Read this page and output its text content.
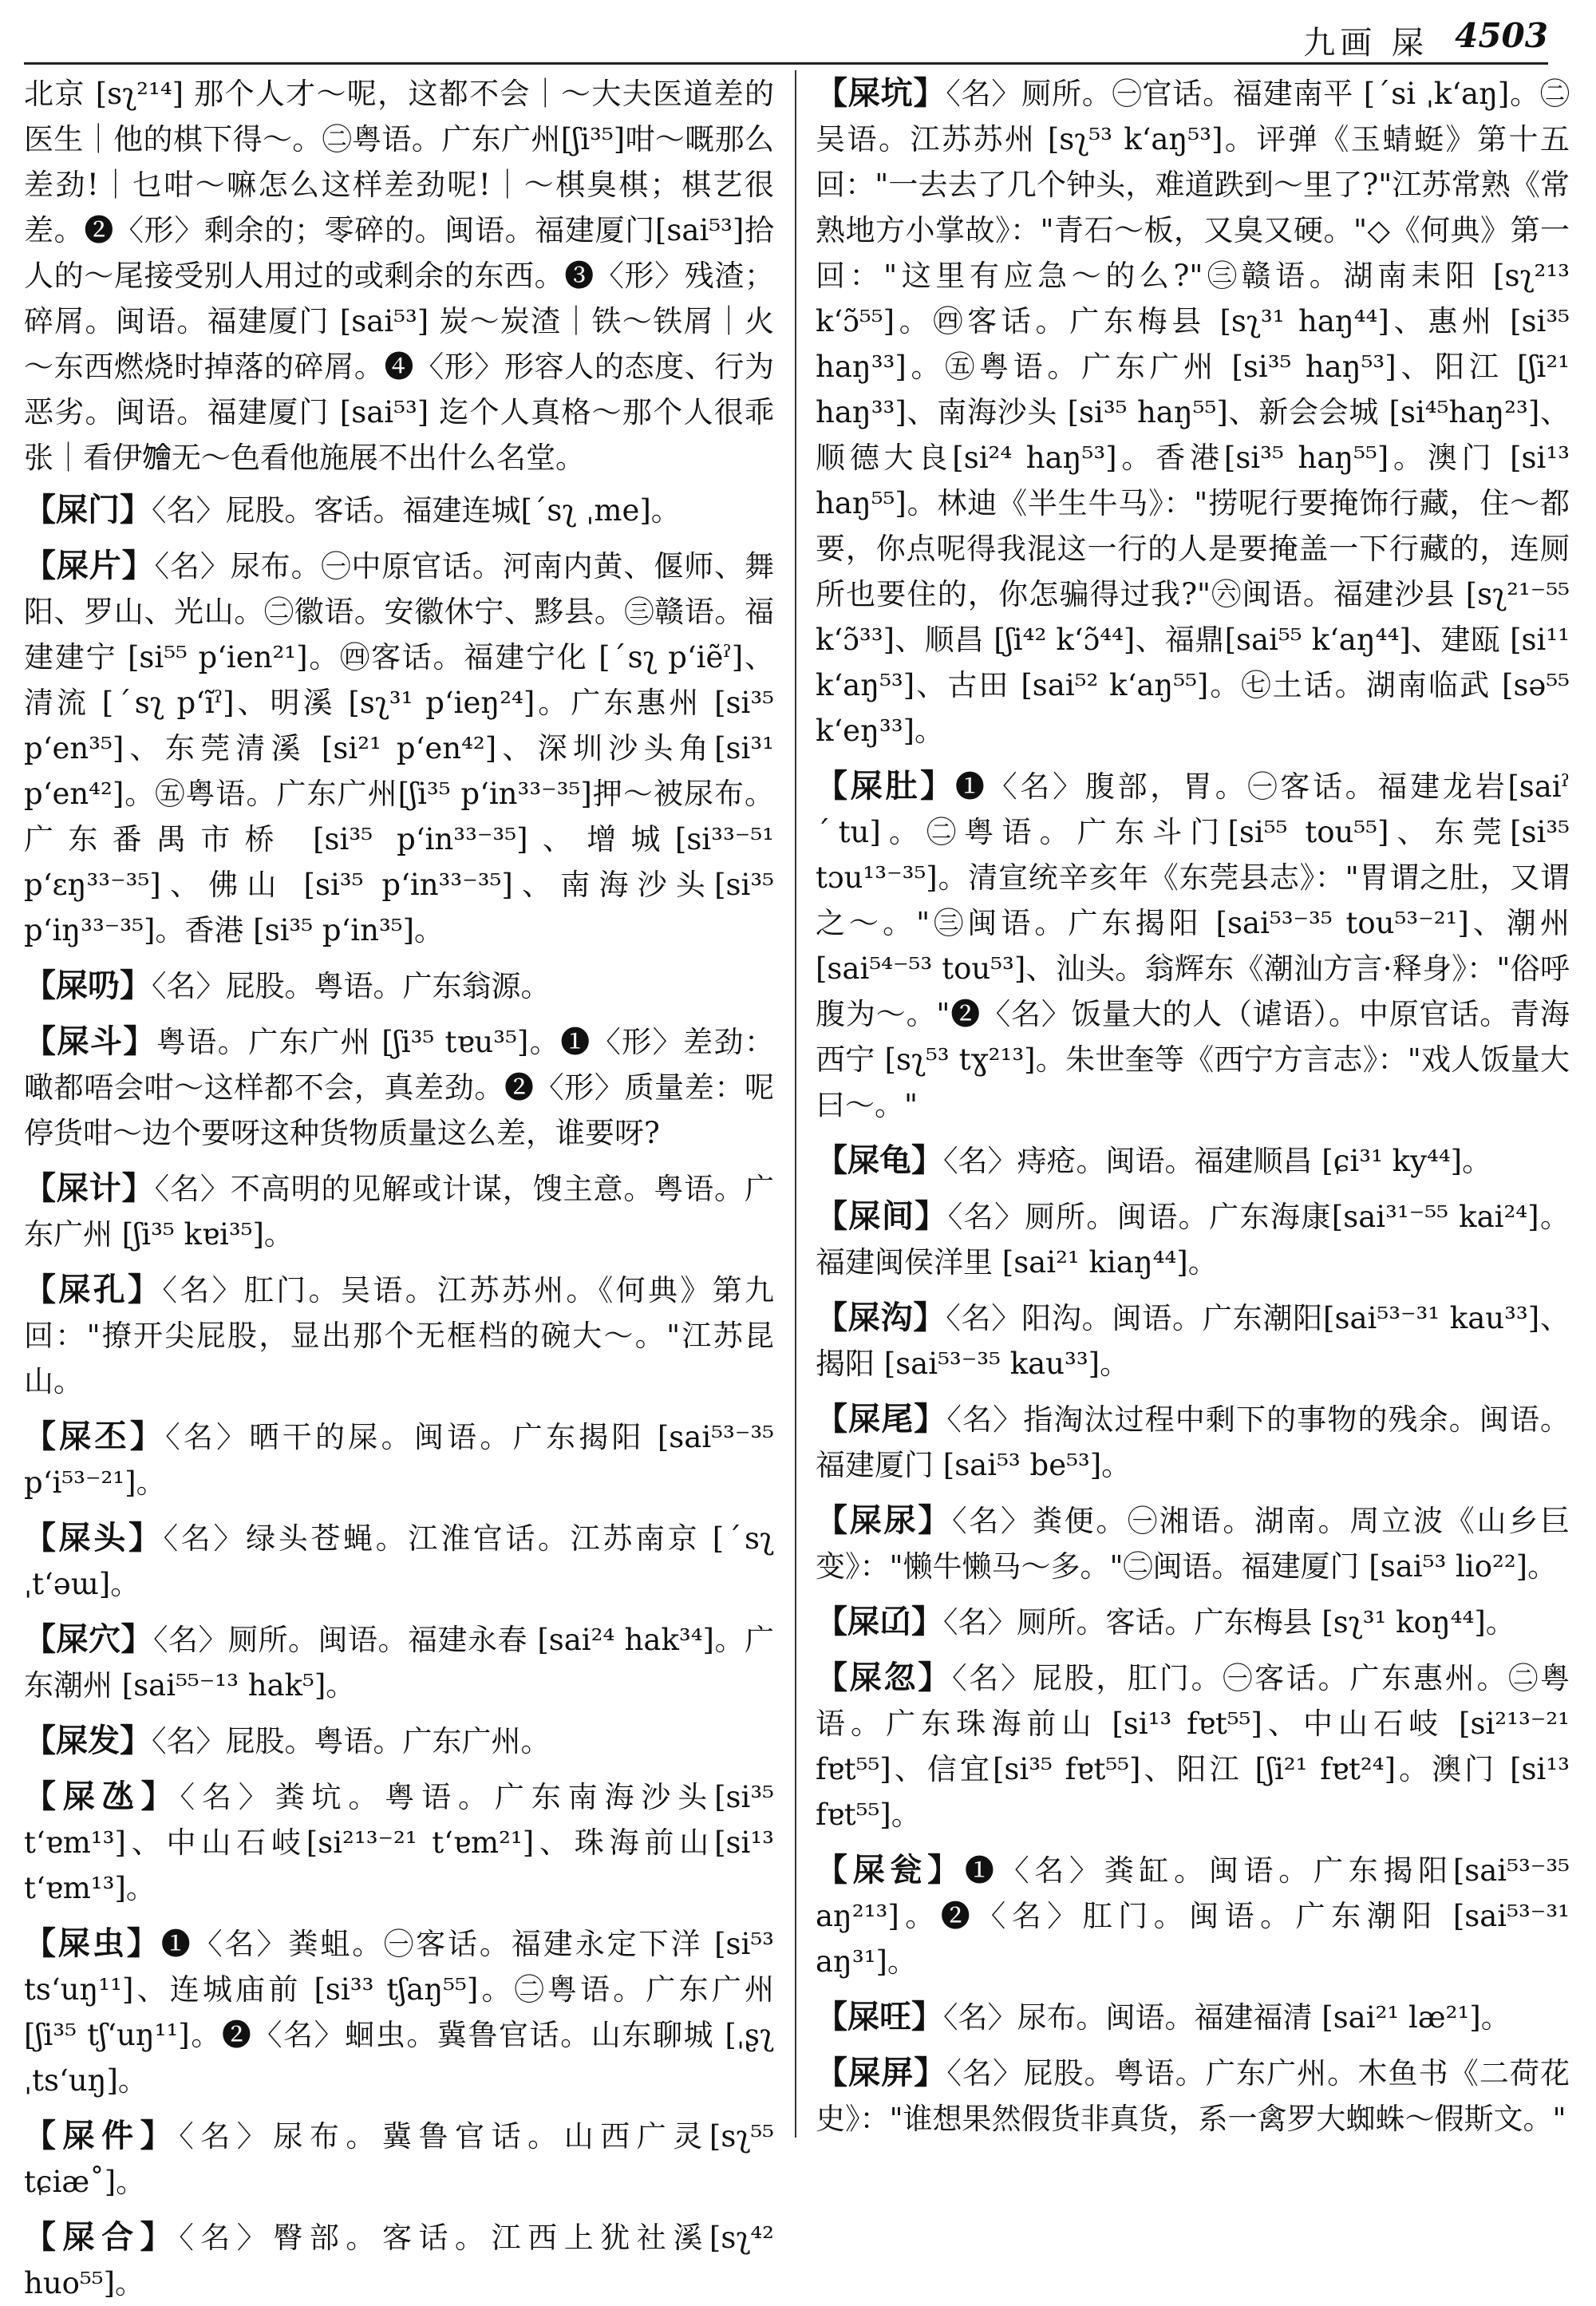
九画 屎 4503
北京 [sʅ²¹⁴] 那个人才～呢，这都不会｜～大夫医道差的医生｜他的棋下得～。㊁粤语。广东广州[ʃi³⁵]咁～嘅那么差劲!｜乜咁～嘛怎么这样差劲呢!｜～棋臭棋；棋艺很差。❷〈形〉剩余的；零碎的。闽语。福建厦门[sai⁵³]拾人的～尾接受别人用过的或剩余的东西。❸〈形〉残渣；碎屑。闽语。福建厦门 [sai⁵³] 炭～炭渣｜铁～铁屑｜火～东西燃烧时掉落的碎屑。❹〈形〉形容人的态度、行为恶劣。闽语。福建厦门 [sai⁵³] 迄个人真格～那个人很乖张｜看伊𣍐无～色看他施展不出什么名堂。
【屎门】〈名〉屁股。客话。福建连城[ˊsʅ ˌme]。
【屎片】〈名〉尿布。㊀中原官话。河南内黄、偃师、舞阳、罗山、光山。㊁徽语。安徽休宁、黟县。㊂赣语。福建建宁 [si⁵⁵ pʻien²¹]。㊃客话。福建宁化 [ˊsʅ pʻiẽˀ]、清流 [ˊsʅ pʻĩˀ]、明溪 [sʅ³¹ pʻieŋ²⁴]。广东惠州 [si³⁵ pʻen³⁵]、东莞清溪 [si²¹ pʻen⁴²]、深圳沙头角[si³¹ pʻen⁴²]。㊄粤语。广东广州[ʃi³⁵ pʻin³³⁻³⁵]押～被尿布。广东番禺市桥 [si³⁵ pʻin³³⁻³⁵]、增城[si³³⁻⁵¹ pʻɛŋ³³⁻³⁵]、佛山 [si³⁵ pʻin³³⁻³⁵]、南海沙头[si³⁵ pʻiŋ³³⁻³⁵]。香港 [si³⁵ pʻin³⁵]。
【屎𠮨】〈名〉屁股。粤语。广东翁源。
【屎斗】粤语。广东广州 [ʃi³⁵ tɐu³⁵]。❶〈形〉差劲：噉都唔会咁～这样都不会，真差劲。❷〈形〉质量差：呢停货咁～边个要呀这种货物质量这么差，谁要呀?
【屎计】〈名〉不高明的见解或计谋，馊主意。粤语。广东广州 [ʃi³⁵ kɐi³⁵]。
【屎孔】〈名〉肛门。吴语。江苏苏州。《何典》第九回："撩开尖屁股，显出那个无框档的碗大～。"江苏昆山。
【屎丕】〈名〉晒干的屎。闽语。广东揭阳 [sai⁵³⁻³⁵ pʻi⁵³⁻²¹]。
【屎头】〈名〉绿头苍蝇。江淮官话。江苏南京 [ˊsʅ ˌtʻəɯ]。
【屎穴】〈名〉厕所。闽语。福建永春 [sai²⁴ hak³⁴]。广东潮州 [sai⁵⁵⁻¹³ hak⁵]。
【屎发】〈名〉屁股。粤语。广东广州。
【屎氹】〈名〉粪坑。粤语。广东南海沙头[si³⁵ tʻɐm¹³]、中山石岐[si²¹³⁻²¹ tʻɐm²¹]、珠海前山[si¹³ tʻɐm¹³]。
【屎虫】❶〈名〉粪蛆。㊀客话。福建永定下洋 [si⁵³ tsʻuŋ¹¹]、连城庙前 [si³³ tʃaŋ⁵⁵]。㊁粤语。广东广州 [ʃi³⁵ tʃʻuŋ¹¹]。❷〈名〉蛔虫。冀鲁官话。山东聊城 [ˌʂʅ ˌtsʻuŋ]。
【屎件】〈名〉尿布。冀鲁官话。山西广灵[sʅ⁵⁵ tɕiæ˚]。
【屎合】〈名〉臀部。客话。江西上犹社溪[sʅ⁴² huo⁵⁵]。
【屎坑】〈名〉厕所。㊀官话。福建南平 [ˊsi ˌkʻaŋ]。㊁吴语。江苏苏州 [sʅ⁵³ kʻaŋ⁵³]。评弹《玉蜻蜓》第十五回："一去去了几个钟头，难道跌到～里了?"江苏常熟《常熟地方小掌故》："青石～板，又臭又硬。"◇《何典》第一回："这里有应急～的么?"㊂赣语。湖南耒阳 [sʅ²¹³ kʻɔ̃⁵⁵]。㊃客话。广东梅县 [sʅ³¹ haŋ⁴⁴]、惠州 [si³⁵ haŋ³³]。㊄粤语。广东广州 [si³⁵ haŋ⁵³]、阳江 [ʃi²¹ haŋ³³]、南海沙头 [si³⁵ haŋ⁵⁵]、新会会城 [si⁴⁵haŋ²³]、顺德大良[si²⁴ haŋ⁵³]。香港[si³⁵ haŋ⁵⁵]。澳门 [si¹³ haŋ⁵⁵]。林迪《半生牛马》："捞呢行要掩饰行藏，住～都要，你点呢得我混这一行的人是要掩盖一下行藏的，连厕所也要住的，你怎骗得过我?"㊅闽语。福建沙县 [sʅ²¹⁻⁵⁵ kʻɔ̃³³]、顺昌 [ʃi⁴² kʻɔ̃⁴⁴]、福鼎[sai⁵⁵ kʻaŋ⁴⁴]、建瓯 [si¹¹ kʻaŋ⁵³]、古田 [sai⁵² kʻaŋ⁵⁵]。㊆土话。湖南临武 [sə⁵⁵ kʻeŋ³³]。
【屎肚】❶〈名〉腹部，胃。㊀客话。福建龙岩[saiˀ ˊtu]。㊁粤语。广东斗门[si⁵⁵ tou⁵⁵]、东莞[si³⁵ tɔu¹³⁻³⁵]。清宣统辛亥年《东莞县志》："胃谓之肚，又谓之～。"㊂闽语。广东揭阳 [sai⁵³⁻³⁵ tou⁵³⁻²¹]、潮州 [sai⁵⁴⁻⁵³ tou⁵³]、汕头。翁辉东《潮汕方言·释身》："俗呼腹为～。"❷〈名〉饭量大的人（谑语）。中原官话。青海西宁 [sʅ⁵³ tɣ²¹³]。朱世奎等《西宁方言志》："戏人饭量大曰～。"
【屎龟】〈名〉痔疮。闽语。福建顺昌 [ɕi³¹ ky⁴⁴]。
【屎间】〈名〉厕所。闽语。广东海康[sai³¹⁻⁵⁵ kai²⁴]。福建闽侯洋里 [sai²¹ kiaŋ⁴⁴]。
【屎沟】〈名〉阳沟。闽语。广东潮阳[sai⁵³⁻³¹ kau³³]、揭阳 [sai⁵³⁻³⁵ kau³³]。
【屎尾】〈名〉指淘汰过程中剩下的事物的残余。闽语。福建厦门 [sai⁵³ be⁵³]。
【屎尿】〈名〉粪便。㊀湘语。湖南。周立波《山乡巨变》："懒牛懒马～多。"㊁闽语。福建厦门 [sai⁵³ lio²²]。
【屎𠙶】〈名〉厕所。客话。广东梅县 [sʅ³¹ koŋ⁴⁴]。
【屎忽】〈名〉屁股，肛门。㊀客话。广东惠州。㊁粤语。广东珠海前山 [si¹³ fɐt⁵⁵]、中山石岐 [si²¹³⁻²¹ fɐt⁵⁵]、信宜[si³⁵ fɐt⁵⁵]、阳江 [ʃi²¹ fɐt²⁴]。澳门 [si¹³ fɐt⁵⁵]。
【屎瓮】❶〈名〉粪缸。闽语。广东揭阳[sai⁵³⁻³⁵ aŋ²¹³]。❷〈名〉肛门。闽语。广东潮阳 [sai⁵³⁻³¹ aŋ³¹]。
【屎㕵】〈名〉尿布。闽语。福建福清 [sai²¹ læ²¹]。
【屎屏】〈名〉屁股。粤语。广东广州。木鱼书《二荷花史》："谁想果然假货非真货，系一禽罗大蜘蛛～假斯文。"
